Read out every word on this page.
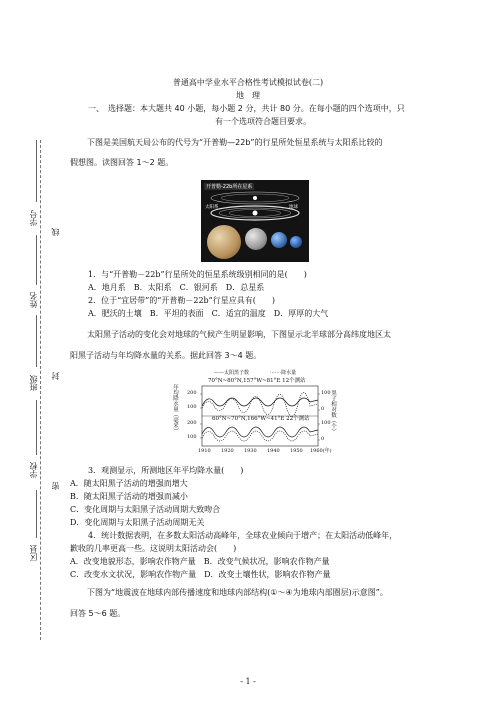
学号
姓名
班级
学校
区县
线
封
密
普通高中学业水平合格性考试模拟试卷(二)
地　理
一、　选择题：本大题共 40 小题，每小题 2 分，共计 80 分。在每小题的四个选项中，只
有一个选项符合题目要求。
下图是美国航天局公布的代号为“开普勒—22b”的行星所处恒星系统与太阳系比较的
假想图。读图回答 1～2 题。
开普勒-22b所在星系
太阳系	地球
1．与“开普勒－22b”行星所处的恒星系统级别相同的是(　　)
A．地月系　B．太阳系　C．银河系　D．总星系
2．位于“宜居带”的“开普勒－22b”行星应具有(　　)
A．肥沃的土壤　B．平坦的表面　C．适宜的温度　D．厚厚的大气
太阳黑子活动的变化会对地球的气候产生明显影响，下图显示北半球部分高纬度地区太
阳黑子活动与年均降水量的关系。据此回答 3～4 题。
——太阳黑子数	·······降水量
70°N~80°N,157°W~81°E 12个测站
60°N~70°N,166°W~41°E 22个测站
年均降水量（毫米）	黑子相对数（个）
200
100
200
100
100
0
100
0
1910 1920 1930 1940 1950 1960(年)
3．观测显示，所测地区年平均降水量(　　)
A．随太阳黑子活动的增强而增大
B．随太阳黑子活动的增强而减小
C．变化周期与太阳黑子活动周期大致吻合
D．变化周期与太阳黑子活动周期无关
4．统计数据表明，在多数太阳活动高峰年，全球农业倾向于增产；在太阳活动低峰年，
歉收的几率更高一些。这说明太阳活动会(　　)
A．改变地貌形态，影响农作物产量　B．改变气候状况，影响农作物产量
C．改变水文状况，影响农作物产量　D．改变土壤性状，影响农作物产量
下图为“地震波在地球内部传播速度和地球内部结构(①～④为地球内部圈层)示意图”。
回答 5～6 题。
- 1 -
